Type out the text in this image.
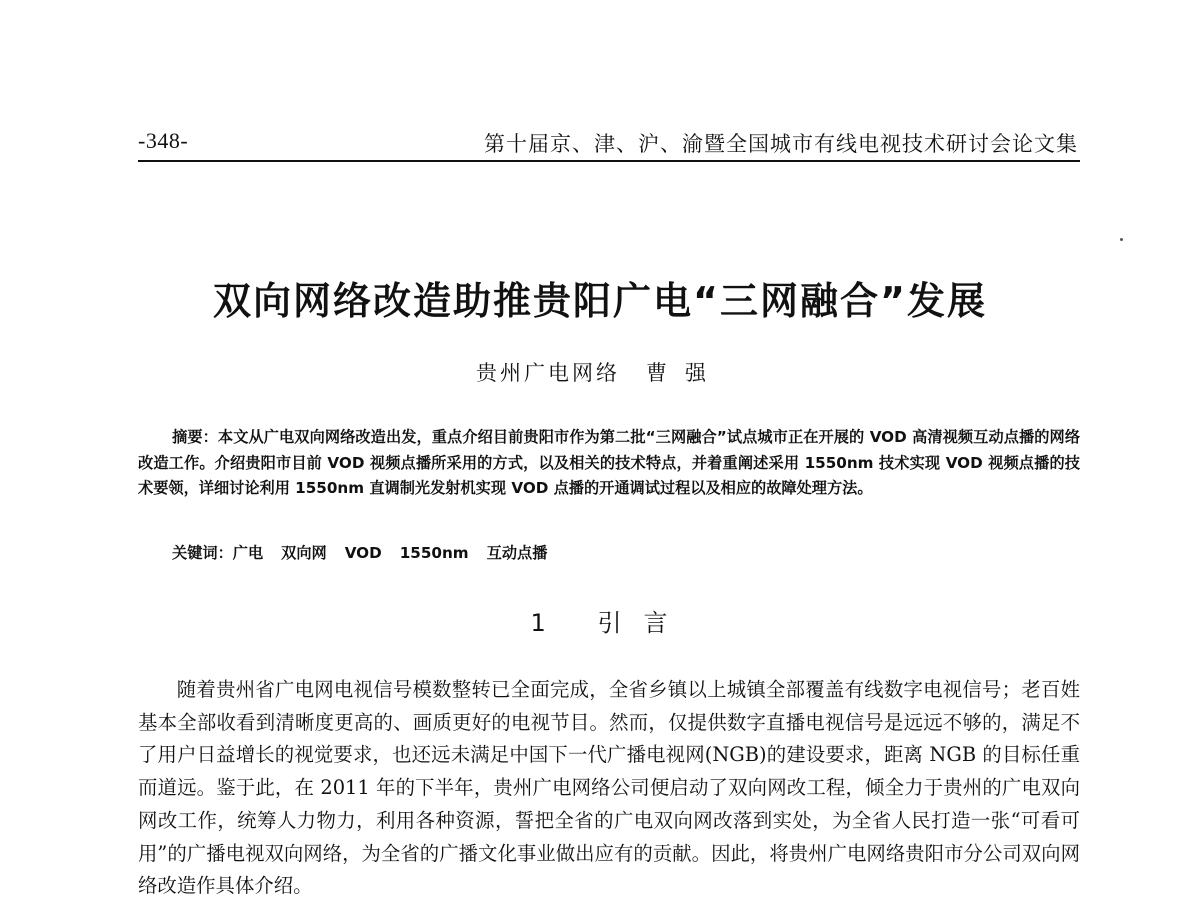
-348-	第十届京、津、沪、渝暨全国城市有线电视技术研讨会论文集
双向网络改造助推贵阳广电“三网融合”发展
贵州广电网络 曹强
摘要：本文从广电双向网络改造出发，重点介绍目前贵阳市作为第二批“三网融合”试点城市正在开展的 VOD 高清视频互动点播的网络改造工作。介绍贵阳市目前 VOD 视频点播所采用的方式，以及相关的技术特点，并着重阐述采用 1550nm 技术实现 VOD 视频点播的技术要领，详细讨论利用 1550nm 直调制光发射机实现 VOD 点播的开通调试过程以及相应的故障处理方法。
关键词：广电 双向网 VOD 1550nm 互动点播
1 引言

随着贵州省广电网电视信号模数整转已全面完成，全省乡镇以上城镇全部覆盖有线数字电视信号；老百姓基本全部收看到清晰度更高的、画质更好的电视节目。然而，仅提供数字直播电视信号是远远不够的，满足不了用户日益增长的视觉要求，也还远未满足中国下一代广播电视网(NGB)的建设要求，距离 NGB 的目标任重而道远。鉴于此，在 2011 年的下半年，贵州广电网络公司便启动了双向网改工程，倾全力于贵州的广电双向网改工作，统筹人力物力，利用各种资源，誓把全省的广电双向网改落到实处，为全省人民打造一张“可看可用”的广播电视双向网络，为全省的广播文化事业做出应有的贡献。因此，将贵州广电网络贵阳市分公司双向网络改造作具体介绍。
